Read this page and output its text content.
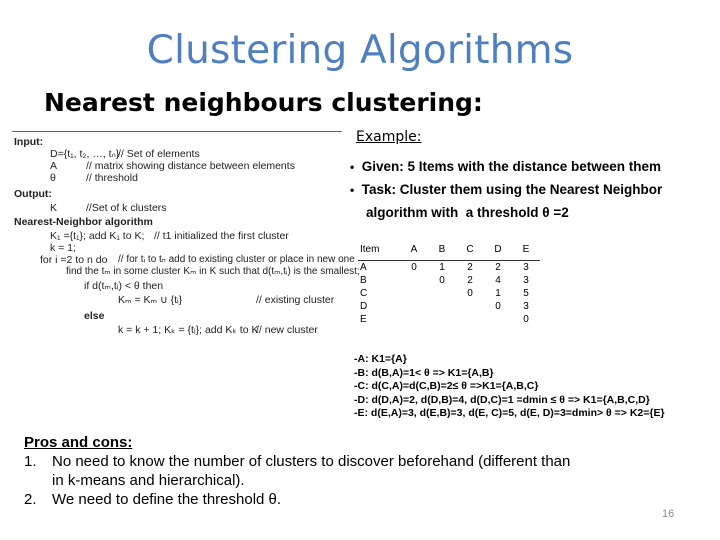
Clustering Algorithms
Nearest neighbours clustering:
Input:
D={t₁, t₂, …, tₙ}
// Set of elements
A	// matrix showing distance between elements
θ	// threshold
Output:
K	//Set of k clusters
Nearest-Neighbor algorithm
K₁ ={t₁}; add K₁ to K; // t1 initialized the first cluster
k = 1;
for i =2 to n do // for tᵢ to tₙ add to existing cluster or place in new one
find the tₘ in some cluster Kₘ in K such that d(tₘ,tᵢ) is the smallest;
if d(tₘ,tᵢ) < θ then
Kₘ = Kₘ ∪ {tᵢ}	// existing cluster
else
k = k + 1; Kₖ = {tᵢ}; add Kₖ to K
// new cluster
Example:
• Given: 5 Items with the distance between them
• Task: Cluster them using the Nearest Neighbor
algorithm with a threshold θ =2
Item	A	B	C	D	E
A	0	1	2	2	3
B		0	2	4	3
C			0	1	5
D				0	3
E					0
-A: K1={A}
-B: d(B,A)=1< θ => K1={A,B}
-C: d(C,A)=d(C,B)=2≤ θ =>K1={A,B,C}
-D: d(D,A)=2, d(D,B)=4, d(D,C)=1 =dmin ≤ θ => K1={A,B,C,D}
-E: d(E,A)=3, d(E,B)=3, d(E, C)=5, d(E, D)=3=dmin> θ => K2={E}
Pros and cons:
1.	No need to know the number of clusters to discover beforehand (different than
in k-means and hierarchical).
2.	We need to define the threshold θ.
16
